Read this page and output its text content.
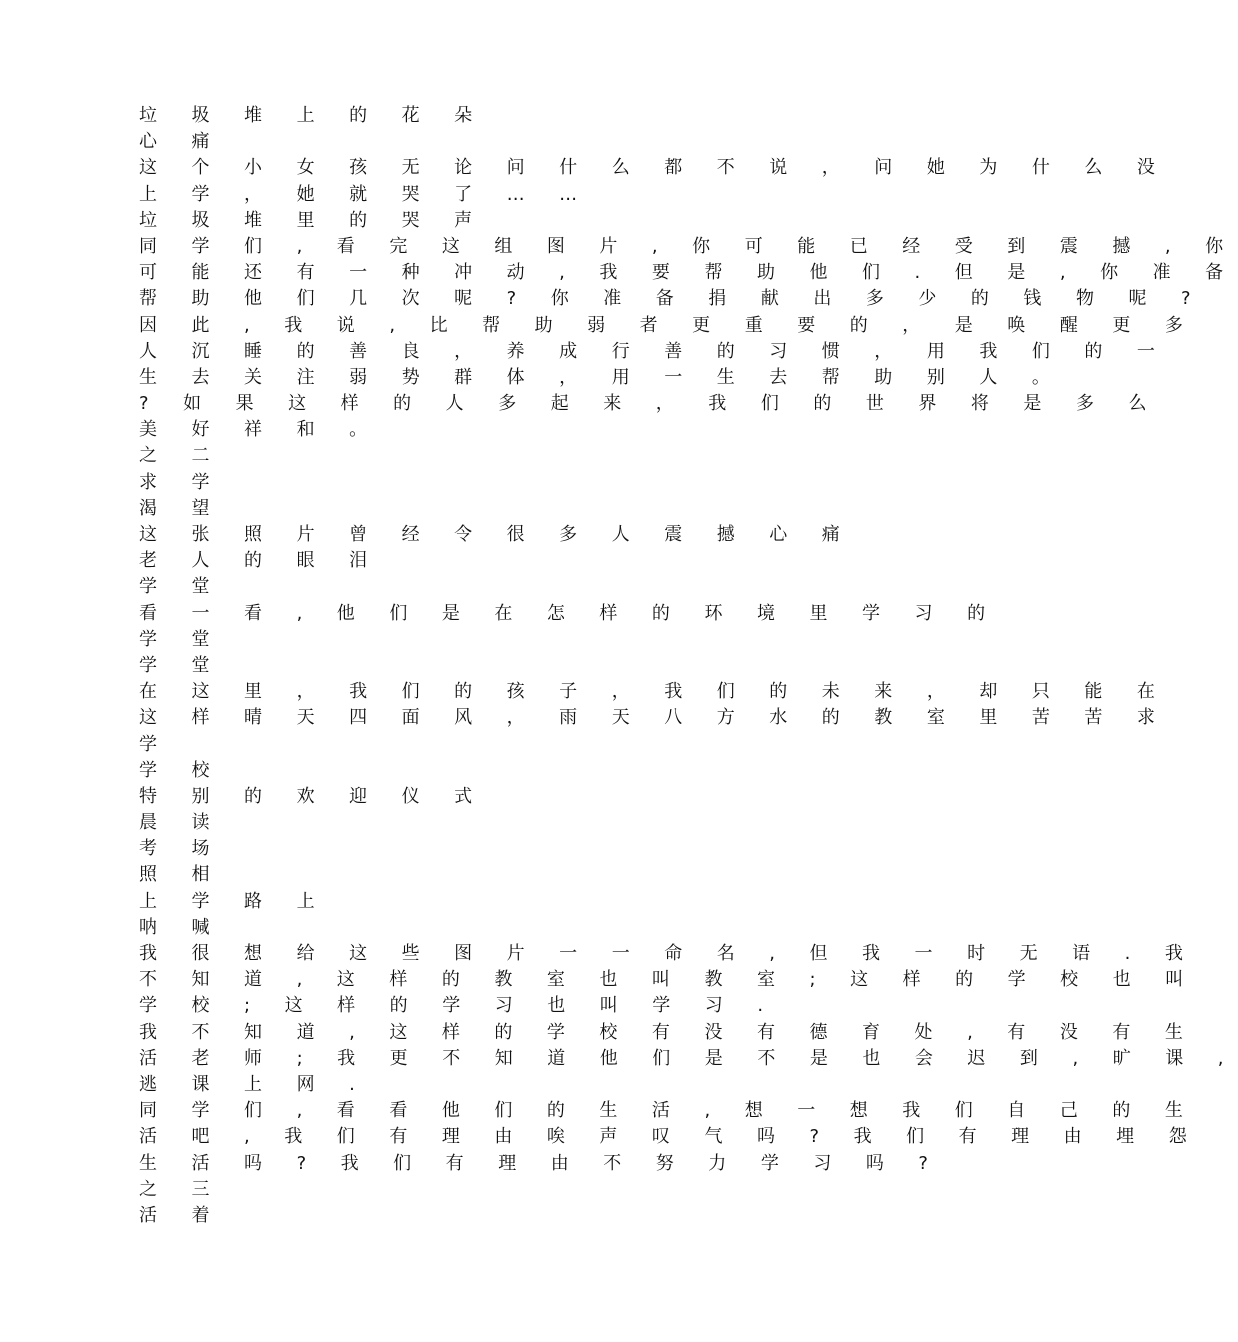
垃 圾 堆 上 的 花 朵
心 痛
这 个 小 女 孩 无 论 问 什 么 都 不 说 ， 问 她 为 什 么 没
上 学 ， 她 就 哭 了 … …
垃 圾 堆 里 的 哭 声
同 学 们 , 看 完 这 组 图 片 , 你 可 能 已 经 受 到 震 撼 , 你
可 能 还 有 一 种 冲 动 , 我 要 帮 助 他 们 . 但 是 , 你 准 备
帮 助 他 们 几 次 呢 ? 你 准 备 捐 献 出 多 少 的 钱 物 呢 ?
因 此 , 我 说 , 比 帮 助 弱 者 更 重 要 的 ， 是 唤 醒 更 多
人 沉 睡 的 善 良 ， 养 成 行 善 的 习 惯 ， 用 我 们 的 一
生 去 关 注 弱 势 群 体 ， 用 一 生 去 帮 助 别 人 。
? 如 果 这 样 的 人 多 起 来 ， 我 们 的 世 界 将 是 多 么
美 好 祥 和 。
之 二
求 学
渴 望
这 张 照 片 曾 经 令 很 多 人 震 撼 心 痛
老 人 的 眼 泪
学 堂
看 一 看 , 他 们 是 在 怎 样 的 环 境 里 学 习 的
学 堂
学 堂
在 这 里 ， 我 们 的 孩 子 ， 我 们 的 未 来 ， 却 只 能 在
这 样 晴 天 四 面 风 ， 雨 天 八 方 水 的 教 室 里 苦 苦 求
学
学 校
特 别 的 欢 迎 仪 式
晨 读
考 场
照 相
上 学 路 上
呐 喊
我 很 想 给 这 些 图 片 一 一 命 名 , 但 我 一 时 无 语 . 我
不 知 道 , 这 样 的 教 室 也 叫 教 室 ; 这 样 的 学 校 也 叫
学 校 ; 这 样 的 学 习 也 叫 学 习 .
我 不 知 道 , 这 样 的 学 校 有 没 有 德 育 处 , 有 没 有 生
活 老 师 ; 我 更 不 知 道 他 们 是 不 是 也 会 迟 到 , 旷 课 ,
逃 课 上 网 .
同 学 们 , 看 看 他 们 的 生 活 , 想 一 想 我 们 自 己 的 生
活 吧 , 我 们 有 理 由 唉 声 叹 气 吗 ? 我 们 有 理 由 埋 怨
生 活 吗 ? 我 们 有 理 由 不 努 力 学 习 吗 ?
之 三
活 着
